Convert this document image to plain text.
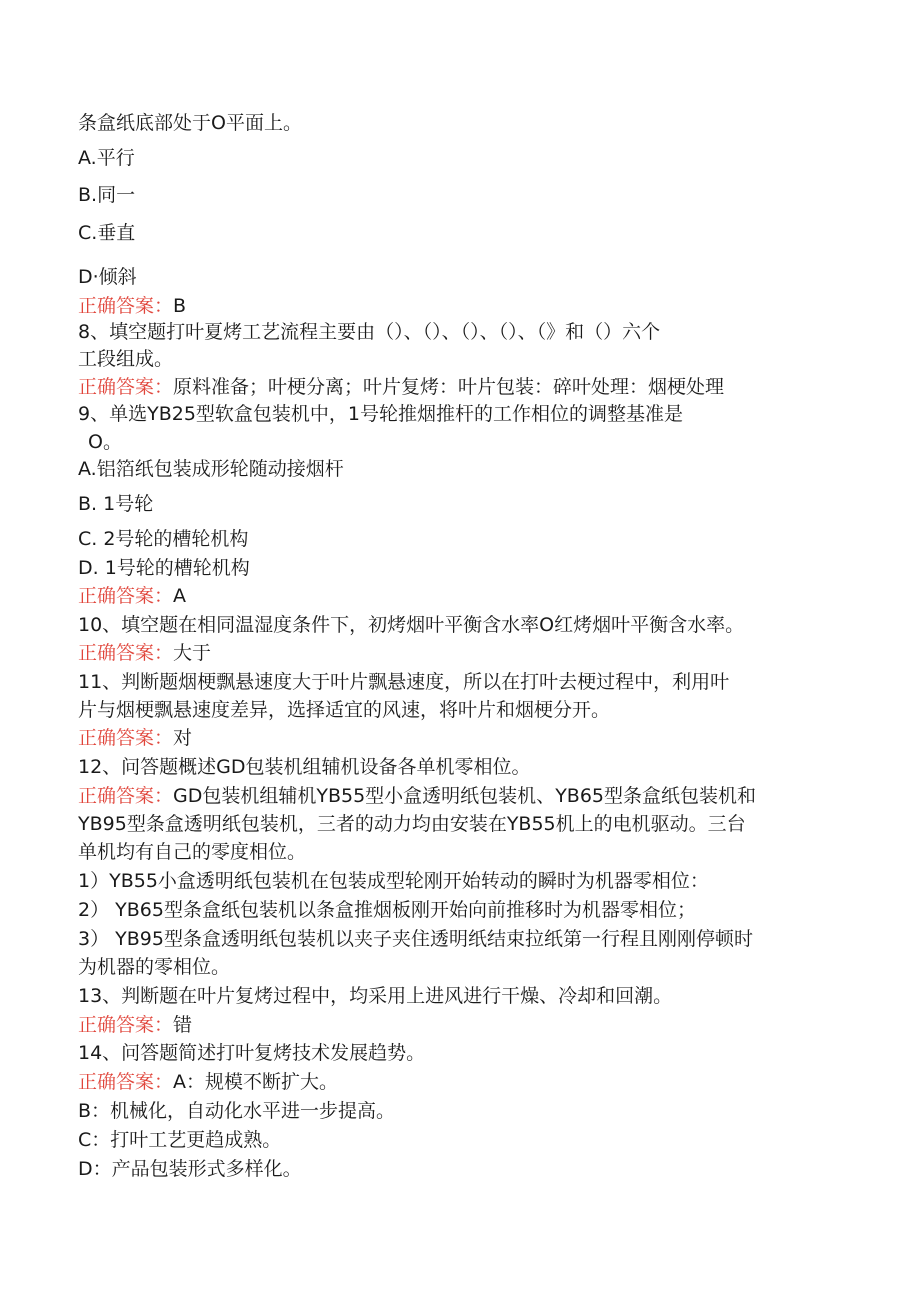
条盒纸底部处于O平面上。
A.平行
B.同一
C.垂直
D·倾斜
正确答案：B
8、填空题打叶夏烤工艺流程主要由（）、（）、（）、（）、（》和（）六个
工段组成。
正确答案：原料准备；叶梗分离；叶片复烤：叶片包装：碎叶处理：烟梗处理
9、单选YB25型软盒包装机中，1号轮推烟推杆的工作相位的调整基准是
O。
A.铝箔纸包装成形轮随动接烟杆
B. 1号轮
C. 2号轮的槽轮机构
D. 1号轮的槽轮机构
正确答案：A
10、填空题在相同温湿度条件下，初烤烟叶平衡含水率O红烤烟叶平衡含水率。
正确答案：大于
11、判断题烟梗飘悬速度大于叶片飘悬速度，所以在打叶去梗过程中，利用叶
片与烟梗飘悬速度差异，选择适宜的风速，将叶片和烟梗分开。
正确答案：对
12、问答题概述GD包装机组辅机设备各单机零相位。
正确答案：GD包装机组辅机YB55型小盒透明纸包装机、YB65型条盒纸包装机和
YB95型条盒透明纸包装机，三者的动力均由安装在YB55机上的电机驱动。三台
单机均有自己的零度相位。
1）YB55小盒透明纸包装机在包装成型轮刚开始转动的瞬时为机器零相位：
2） YB65型条盒纸包装机以条盒推烟板刚开始向前推移时为机器零相位；
3） YB95型条盒透明纸包装机以夹子夹住透明纸结束拉纸第一行程且刚刚停顿时
为机器的零相位。
13、判断题在叶片复烤过程中，均采用上进风进行干燥、冷却和回潮。
正确答案：错
14、问答题简述打叶复烤技术发展趋势。
正确答案：A：规模不断扩大。
B：机械化，自动化水平进一步提高。
C：打叶工艺更趋成熟。
D：产品包装形式多样化。
